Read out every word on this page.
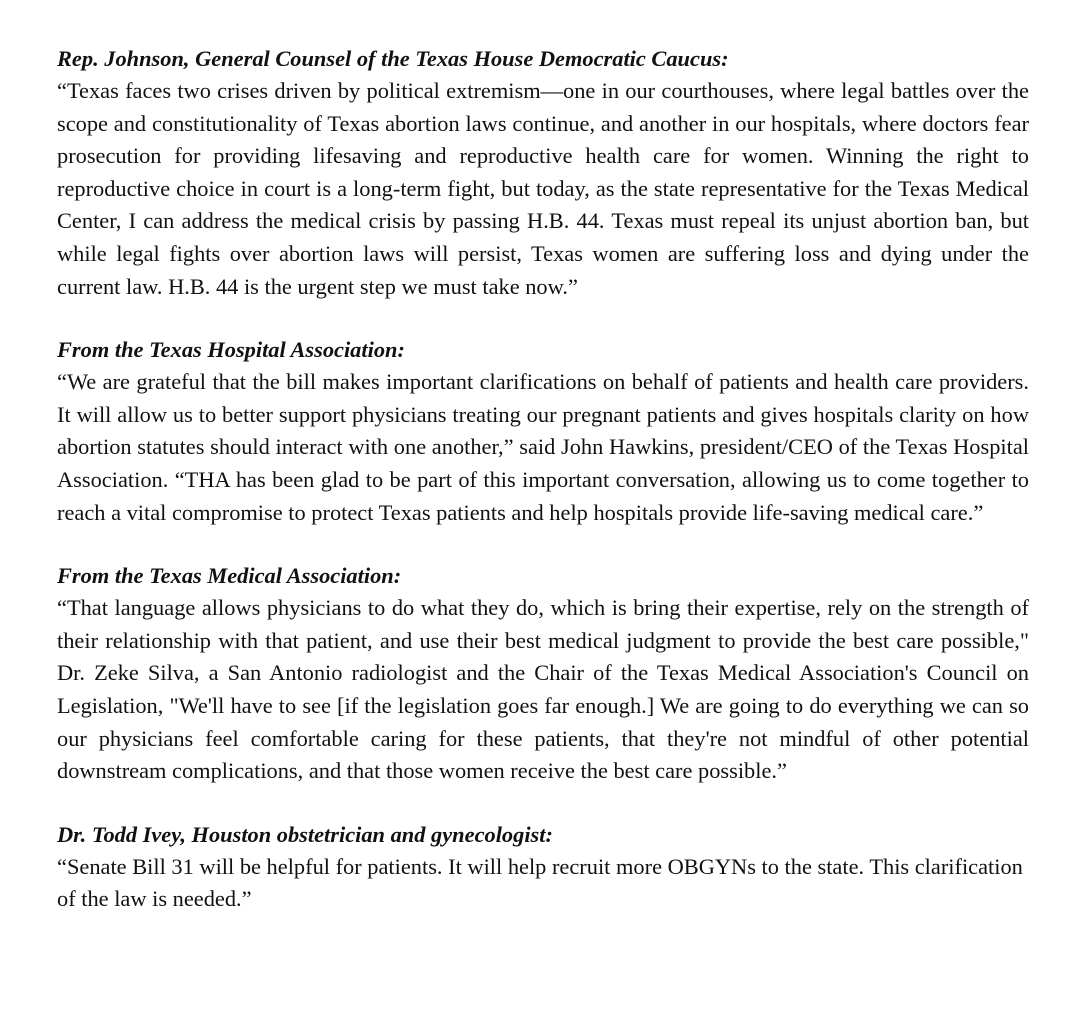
Rep. Johnson, General Counsel of the Texas House Democratic Caucus:

“Texas faces two crises driven by political extremism—one in our courthouses, where legal battles over the scope and constitutionality of Texas abortion laws continue, and another in our hospitals, where doctors fear prosecution for providing lifesaving and reproductive health care for women. Winning the right to reproductive choice in court is a long-term fight, but today, as the state representative for the Texas Medical Center, I can address the medical crisis by passing H.B. 44. Texas must repeal its unjust abortion ban, but while legal fights over abortion laws will persist, Texas women are suffering loss and dying under the current law. H.B. 44 is the urgent step we must take now.”

From the Texas Hospital Association:

“We are grateful that the bill makes important clarifications on behalf of patients and health care providers. It will allow us to better support physicians treating our pregnant patients and gives hospitals clarity on how abortion statutes should interact with one another,” said John Hawkins, president/CEO of the Texas Hospital Association. “THA has been glad to be part of this important conversation, allowing us to come together to reach a vital compromise to protect Texas patients and help hospitals provide life-saving medical care.”

From the Texas Medical Association:

“That language allows physicians to do what they do, which is bring their expertise, rely on the strength of their relationship with that patient, and use their best medical judgment to provide the best care possible," Dr. Zeke Silva, a San Antonio radiologist and the Chair of the Texas Medical Association's Council on Legislation, "We'll have to see [if the legislation goes far enough.] We are going to do everything we can so our physicians feel comfortable caring for these patients, that they're not mindful of other potential downstream complications, and that those women receive the best care possible.”

Dr. Todd Ivey, Houston obstetrician and gynecologist:

“Senate Bill 31 will be helpful for patients. It will help recruit more OBGYNs to the state. This clarification of the law is needed.”
